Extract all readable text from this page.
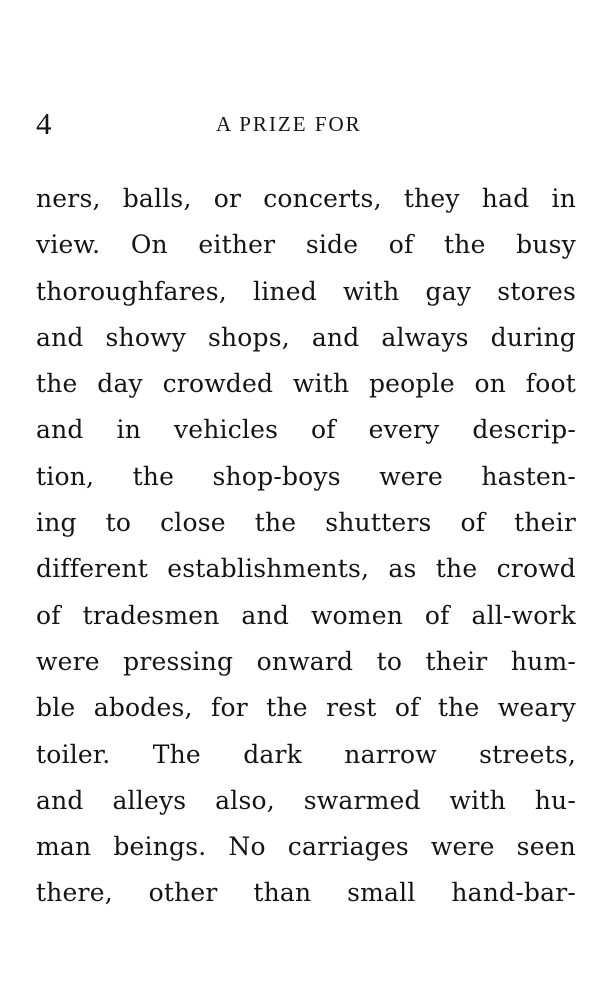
4	A PRIZE FOR
ners, balls, or concerts, they had in
view. On either side of the busy
thoroughfares, lined with gay stores
and showy shops, and always during
the day crowded with people on foot
and in vehicles of every descrip-
tion, the shop-boys were hasten-
ing to close the shutters of their
different establishments, as the crowd
of tradesmen and women of all-work
were pressing onward to their hum-
ble abodes, for the rest of the weary
toiler. The dark narrow streets,
and alleys also, swarmed with hu-
man beings. No carriages were seen
there, other than small hand-bar-
